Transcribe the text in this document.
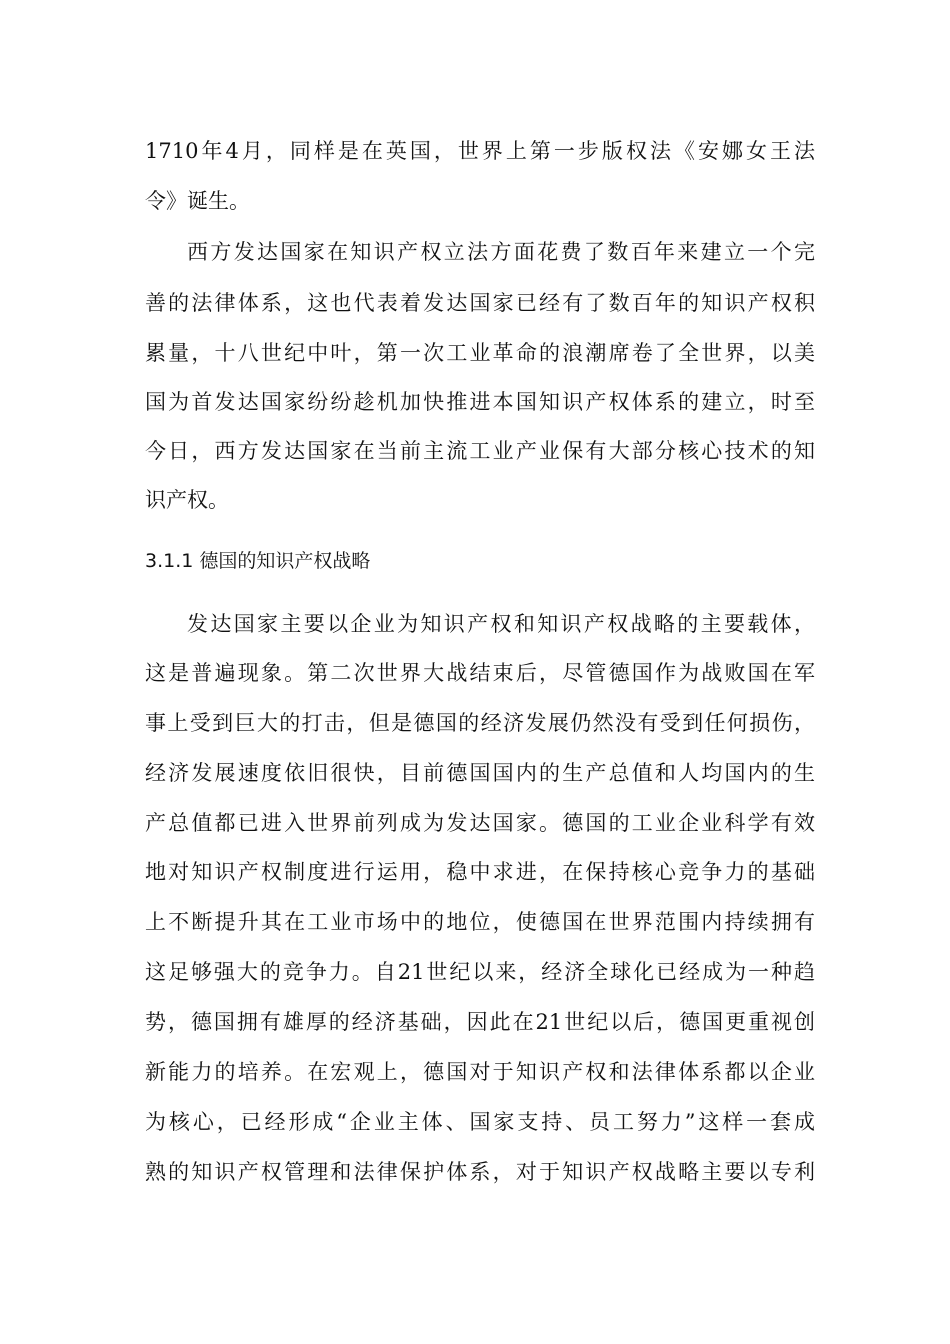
1710年4月，同样是在英国，世界上第一步版权法《安娜女王法
令》诞生。
西方发达国家在知识产权立法方面花费了数百年来建立一个完
善的法律体系，这也代表着发达国家已经有了数百年的知识产权积
累量，十八世纪中叶，第一次工业革命的浪潮席卷了全世界，以美
国为首发达国家纷纷趁机加快推进本国知识产权体系的建立，时至
今日，西方发达国家在当前主流工业产业保有大部分核心技术的知
识产权。
3.1.1 德国的知识产权战略
发达国家主要以企业为知识产权和知识产权战略的主要载体，
这是普遍现象。第二次世界大战结束后，尽管德国作为战败国在军
事上受到巨大的打击，但是德国的经济发展仍然没有受到任何损伤，
经济发展速度依旧很快，目前德国国内的生产总值和人均国内的生
产总值都已进入世界前列成为发达国家。德国的工业企业科学有效
地对知识产权制度进行运用，稳中求进，在保持核心竞争力的基础
上不断提升其在工业市场中的地位，使德国在世界范围内持续拥有
这足够强大的竞争力。自21世纪以来，经济全球化已经成为一种趋
势，德国拥有雄厚的经济基础，因此在21世纪以后，德国更重视创
新能力的培养。在宏观上，德国对于知识产权和法律体系都以企业
为核心，已经形成“企业主体、国家支持、员工努力”这样一套成
熟的知识产权管理和法律保护体系，对于知识产权战略主要以专利
